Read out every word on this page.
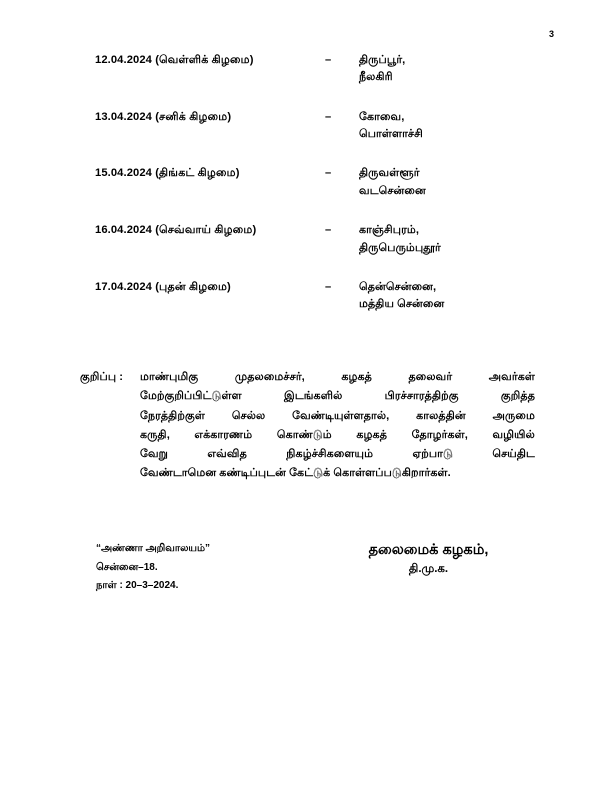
3
12.04.2024 (வெள்ளிக் கிழமை)	–	திருப்பூர்,
நீலகிரி
13.04.2024 (சனிக் கிழமை)	–	கோவை,
பொள்ளாச்சி
15.04.2024 (திங்கட் கிழமை)	–	திருவள்ளூர்
வடசென்னை
16.04.2024 (செவ்வாய் கிழமை)	–	காஞ்சிபுரம்,
திருபெரும்புதூர்
17.04.2024 (புதன் கிழமை)	–	தென்சென்னை,
மத்திய சென்னை
குறிப்பு :	மாண்புமிகு	முதலமைச்சர்,	கழகத்	தலைவர்	அவர்கள்
மேற்குறிப்பிட்டுள்ள	இடங்களில்	பிரச்சாரத்திற்கு	குறித்த
நேரத்திற்குள் செல்ல வேண்டியுள்ளதால், காலத்தின் அருமை
கருதி, எக்காரணம் கொண்டும் கழகத் தோழர்கள், வழியில்
வேறு	எவ்வித	நிகழ்ச்சிகளையும்	ஏற்பாடு	செய்திட
வேண்டாமென கண்டிப்புடன் கேட்டுக் கொள்ளப்படுகிறார்கள்.
“அண்ணா அறிவாலயம்”
சென்னை–18.
நாள் : 20–3–2024.
தலைமைக் கழகம்,
தி.மு.க.
